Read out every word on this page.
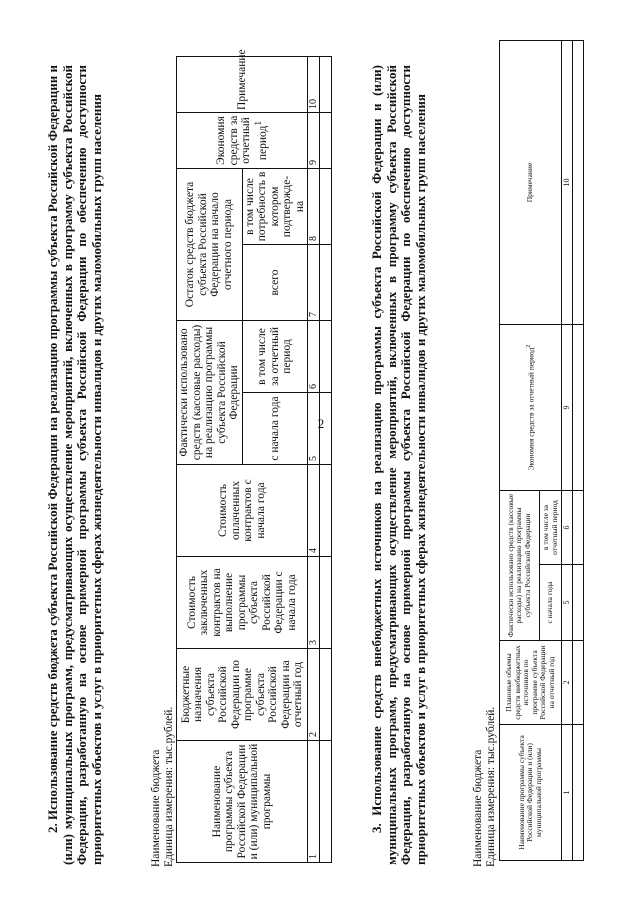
2
2. Использование средств бюджета субъекта Российской Федерации на реализацию программы субъекта Российской Федерации и (или) муниципальных программ, предусматривающих осуществление мероприятий, включенных в программу субъекта Российской Федерации, разработанную на основе примерной программы субъекта Российской Федерации по обеспечению доступности приоритетных объектов и услуг в приоритетных сферах жизнедеятельности инвалидов и других маломобильных групп населения	Наименование бюджета Единица измерения: тыс.рублей.	Наименование программы субъекта Российской Федерации и (или) муниципальной программы	Бюджетные назначения субъекта Российской Федерации по программе субъекта Российской Федерации на отчетный год	Стоимость заключенных контрактов на выполнение программы субъекта Российской Федерации с начала года	Стоимость оплаченных контрактов с начала года	Фактически использовано средств (кассовые расходы) на реализацию программы субъекта Российской Федерации		Остаток средств бюджета субъекта Российской Федерации на начало отчетного периода		Экономия средств за отчетный период$^1$	Примечание
				с начала года	в том числе за отчетный период	всего	в том числе потребность в котором подтвержде-на		
1	2	3	4	5	6	7	8	9	10

3. Использование средств внебюджетных источников на реализацию программы субъекта Российской Федерации и (или) муниципальных программ, предусматривающих осуществление мероприятий, включенных в программу субъекта Российской Федерации, разработанную на основе примерной программы субъекта Российской Федерации по обеспечению доступности приоритетных объектов и услуг в приоритетных сферах жизнедеятельности инвалидов и других маломобильных групп населения	Наименование бюджета Единица измерения: тыс.рублей.	Наименование программы субъекта Российской Федерации и (или) муниципальной программы	Плановые объемы средств внебюджетных источников по программе субъекта Российской Федерации на отчетный год	Фактически использовано средств (кассовые расходы) на реализацию программы субъекта Российской Федерации		Экономия средств за отчетный период$^2$	Примечание
		с начала года	в том числе за отчетный период		
1	2	5	6	9	10
